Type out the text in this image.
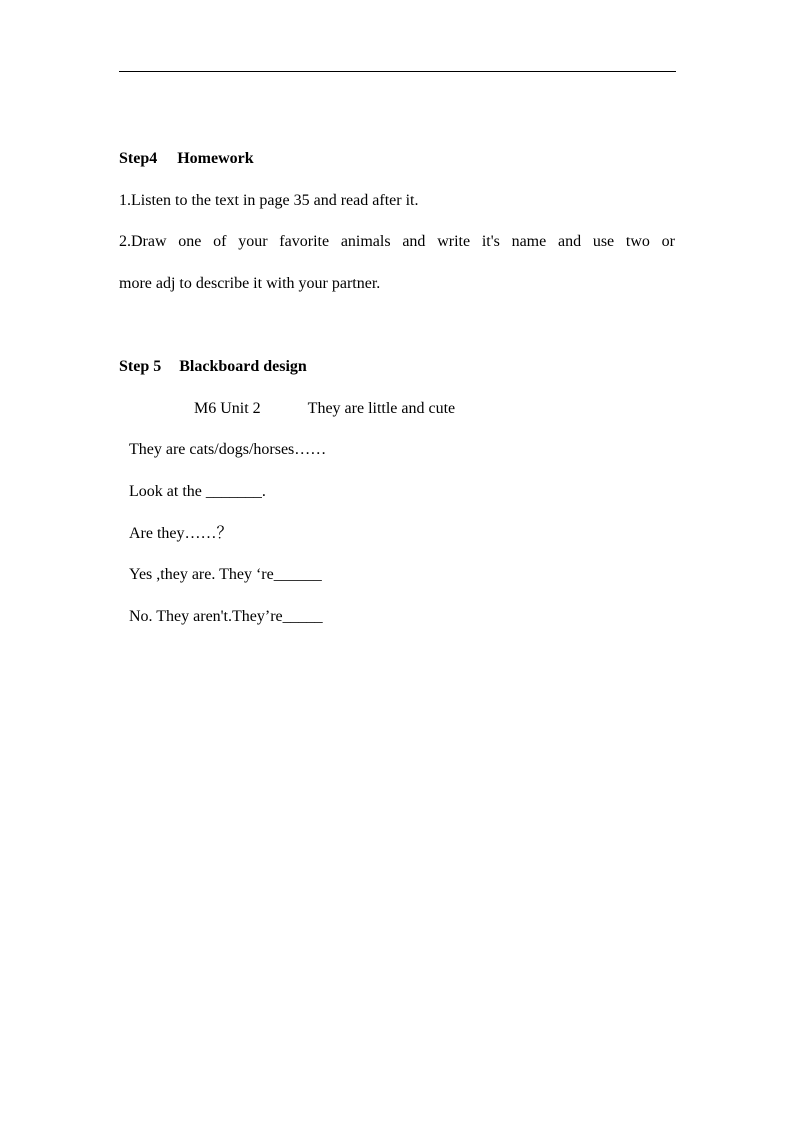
Step4 Homework
1.Listen to the text in page 35 and read after it.
2.Draw one of your favorite animals and write it's name and use two or
more adj to describe it with your partner.
Step 5 Blackboard design
M6 Unit 2	They are little and cute
They are cats/dogs/horses……
Look at the _______.
Are they……？
Yes ,they are. They ‘re______
No. They aren't.They’re_____
